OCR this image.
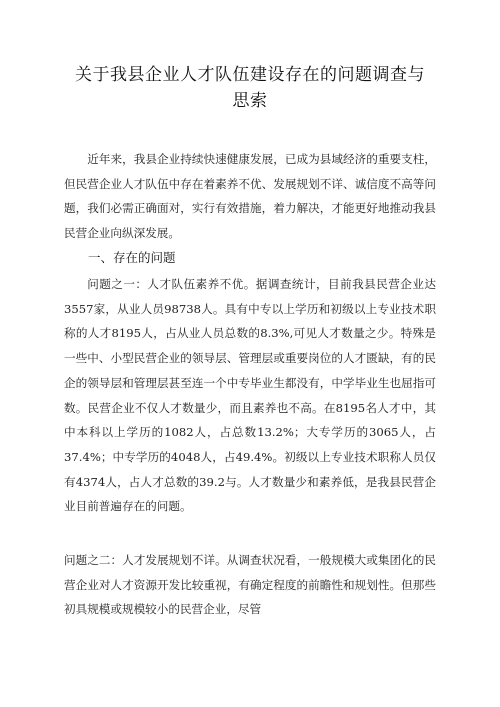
关于我县企业人才队伍建设存在的问题调查与思索

近年来，我县企业持续快速健康发展，已成为县域经济的重要支柱，但民营企业人才队伍中存在着素养不优、发展规划不详、诚信度不高等问题，我们必需正确面对，实行有效措施，着力解决，才能更好地推动我县民营企业向纵深发展。

一、存在的问题

问题之一：人才队伍素养不优。据调查统计，目前我县民营企业达3557家，从业人员98738人。具有中专以上学历和初级以上专业技术职称的人才8195人，占从业人员总数的8.3%,可见人才数量之少。特殊是一些中、小型民营企业的领导层、管理层或重要岗位的人才匮缺，有的民企的领导层和管理层甚至连一个中专毕业生都没有，中学毕业生也屈指可数。民营企业不仅人才数量少，而且素养也不高。在8195名人才中，其中本科以上学历的1082人，占总数13.2%；大专学历的3065人，占37.4%；中专学历的4048人，占49.4%。初级以上专业技术职称人员仅有4374人，占人才总数的39.2与。人才数量少和素养低，是我县民营企业目前普遍存在的问题。

问题之二：人才发展规划不详。从调查状况看，一般规模大或集团化的民营企业对人才资源开发比较重视，有确定程度的前瞻性和规划性。但那些初具规模或规模较小的民营企业，尽管
